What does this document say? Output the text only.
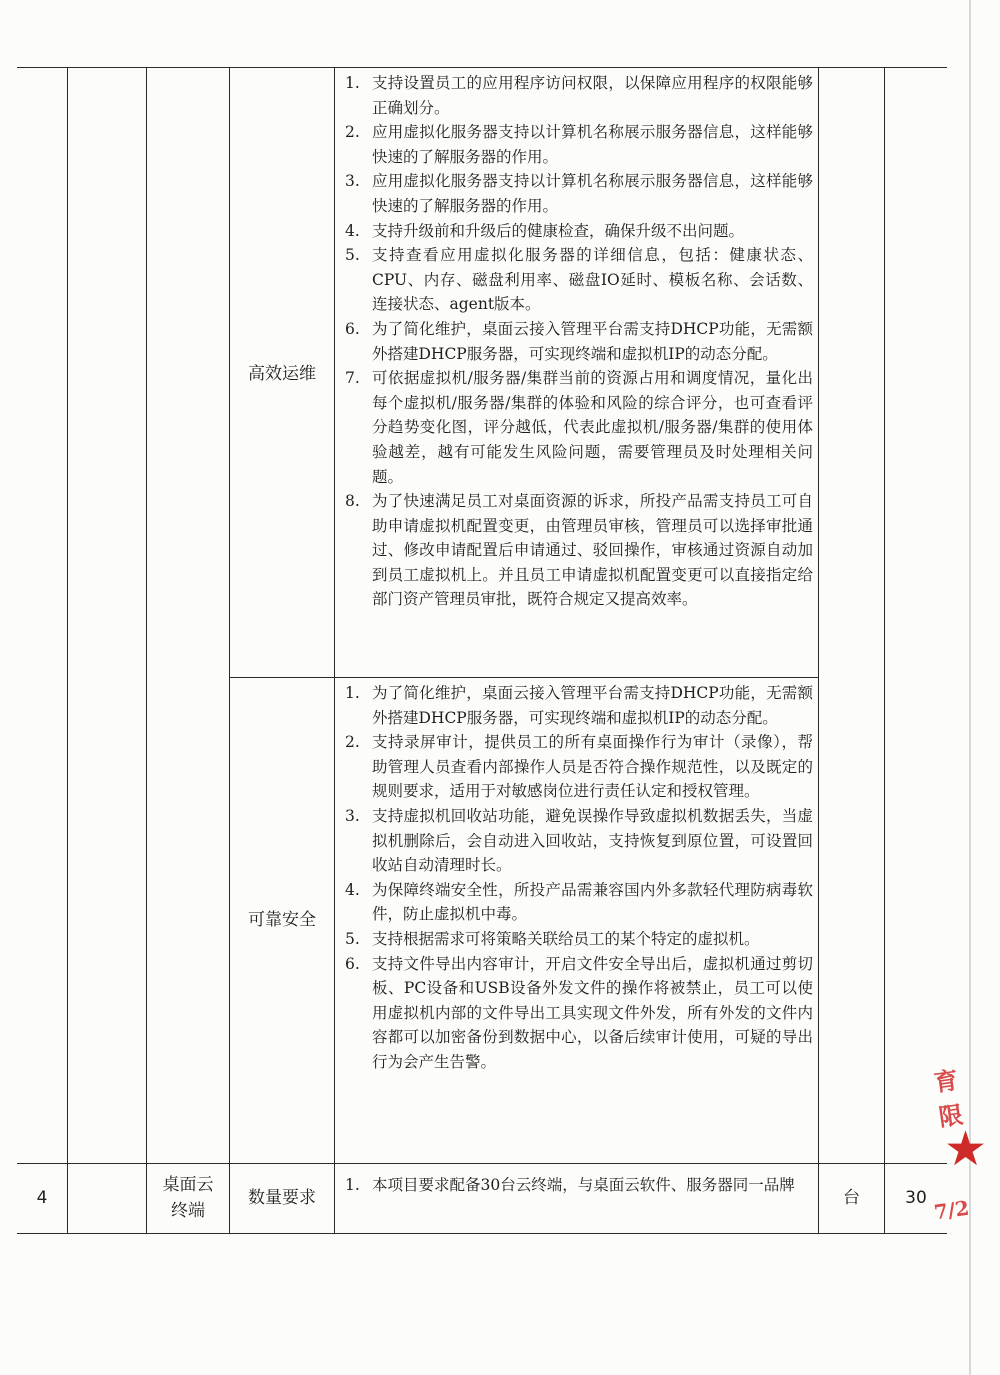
高效运维
1. 支持设置员工的应用程序访问权限，以保障应用程序的权限能够正确划分。
2. 应用虚拟化服务器支持以计算机名称展示服务器信息，这样能够快速的了解服务器的作用。
3. 应用虚拟化服务器支持以计算机名称展示服务器信息，这样能够快速的了解服务器的作用。
4. 支持升级前和升级后的健康检查，确保升级不出问题。
5. 支持查看应用虚拟化服务器的详细信息，包括：健康状态、CPU、内存、磁盘利用率、磁盘IO延时、模板名称、会话数、连接状态、agent版本。
6. 为了简化维护，桌面云接入管理平台需支持DHCP功能，无需额外搭建DHCP服务器，可实现终端和虚拟机IP的动态分配。
7. 可依据虚拟机/服务器/集群当前的资源占用和调度情况，量化出每个虚拟机/服务器/集群的体验和风险的综合评分，也可查看评分趋势变化图，评分越低，代表此虚拟机/服务器/集群的使用体验越差，越有可能发生风险问题，需要管理员及时处理相关问题。
8. 为了快速满足员工对桌面资源的诉求，所投产品需支持员工可自助申请虚拟机配置变更，由管理员审核，管理员可以选择审批通过、修改申请配置后申请通过、驳回操作，审核通过资源自动加到员工虚拟机上。并且员工申请虚拟机配置变更可以直接指定给部门资产管理员审批，既符合规定又提高效率。
可靠安全
1. 为了简化维护，桌面云接入管理平台需支持DHCP功能，无需额外搭建DHCP服务器，可实现终端和虚拟机IP的动态分配。
2. 支持录屏审计，提供员工的所有桌面操作行为审计（录像），帮助管理人员查看内部操作人员是否符合操作规范性，以及既定的规则要求，适用于对敏感岗位进行责任认定和授权管理。
3. 支持虚拟机回收站功能，避免误操作导致虚拟机数据丢失，当虚拟机删除后，会自动进入回收站，支持恢复到原位置，可设置回收站自动清理时长。
4. 为保障终端安全性，所投产品需兼容国内外多款轻代理防病毒软件，防止虚拟机中毒。
5. 支持根据需求可将策略关联给员工的某个特定的虚拟机。
6. 支持文件导出内容审计，开启文件安全导出后，虚拟机通过剪切板、PC设备和USB设备外发文件的操作将被禁止，员工可以使用虚拟机内部的文件导出工具实现文件外发，所有外发的文件内容都可以加密备份到数据中心，以备后续审计使用，可疑的导出行为会产生告警。
4
桌面云
终端
数量要求
1. 本项目要求配备30台云终端，与桌面云软件、服务器同一品牌
台	30
育限
★
7/2
